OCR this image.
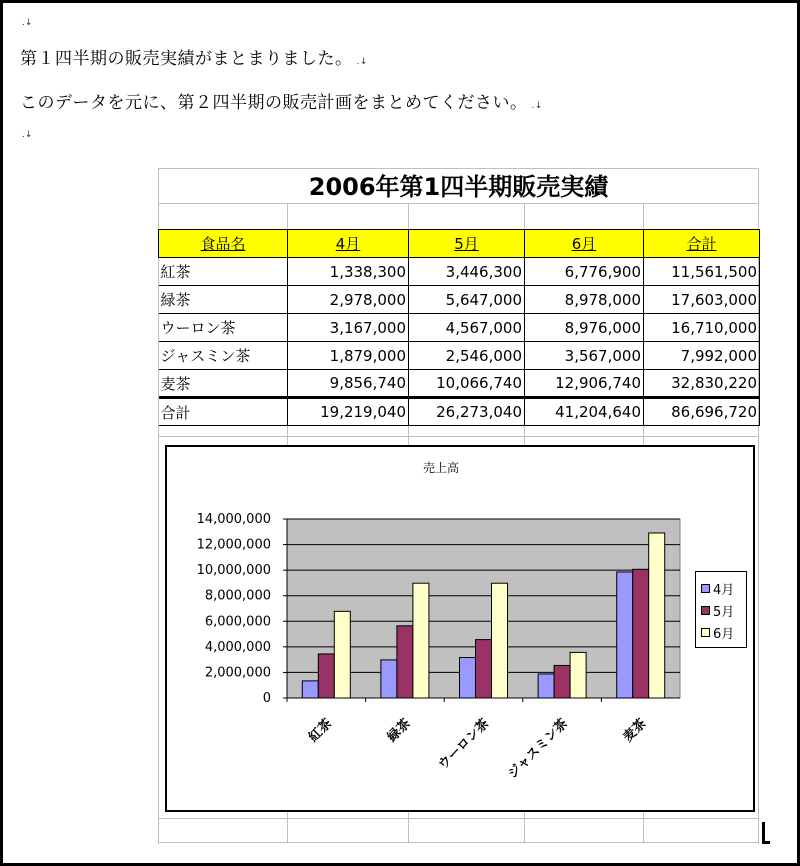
.↓
第１四半期の販売実績がまとまりました。 .↓
このデータを元に、第２四半期の販売計画をまとめてください。 .↓
.↓
2006年第1四半期販売実績
食品名	4月	5月	6月	合計
紅茶	1,338,300	3,446,300	6,776,900	11,561,500
緑茶	2,978,000	5,647,000	8,978,000	17,603,000
ウーロン茶	3,167,000	4,567,000	8,976,000	16,710,000
ジャスミン茶	1,879,000	2,546,000	3,567,000	7,992,000
麦茶	9,856,740	10,066,740	12,906,740	32,830,220
合計	19,219,040	26,273,040	41,204,640	86,696,720
売上高
0
2,000,000
4,000,000
6,000,000
8,000,000
10,000,000
12,000,000
14,000,000
紅茶	緑茶 ウーロン茶 ジャスミン茶	麦茶
4月
5月
6月
